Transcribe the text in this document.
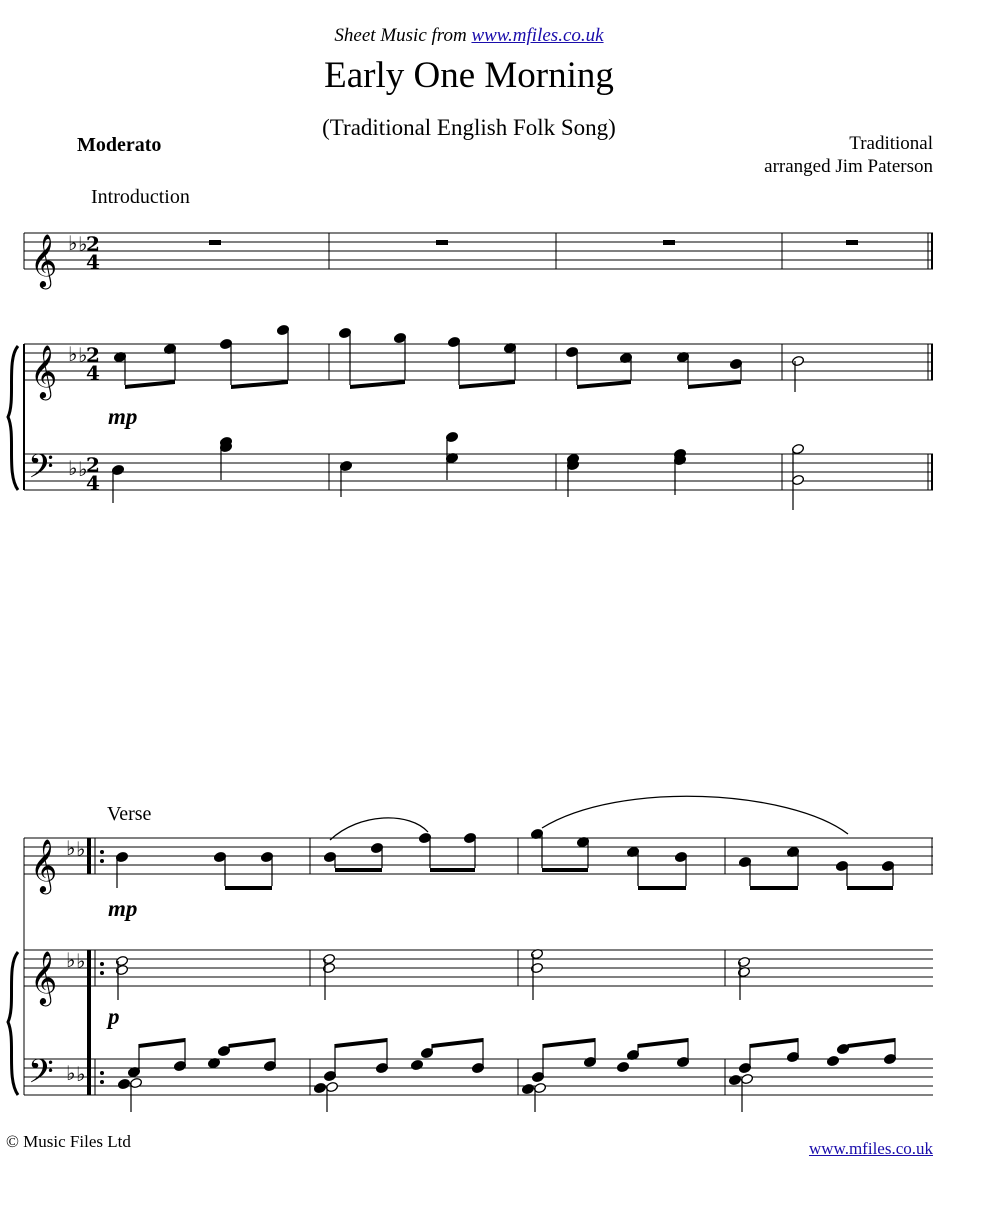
Sheet Music from www.mfiles.co.uk
Early One Morning
(Traditional English Folk Song)
Moderato	Traditional
arranged Jim Paterson
Introduction
Verse
© Music Files Ltd	www.mfiles.co.uk
𝄞
𝄞
𝄢
♭ ♭
♭ ♭
♭ ♭
2
4
2
4
2
4
𝄞
𝄞
𝄢
♭ ♭
♭ ♭
♭ ♭
mp
mp
p
